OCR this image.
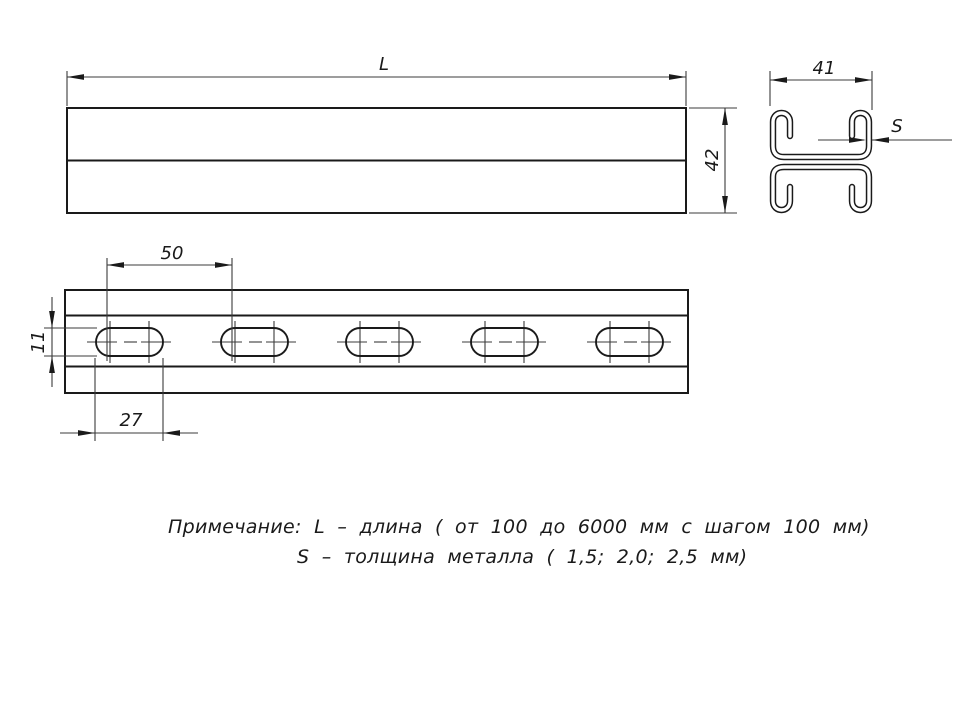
L
42
41
S
50
11
27
Примечание: L – длина ( от 100 до 6000 мм с шагом 100 мм)
S – толщина металла ( 1,5; 2,0; 2,5 мм)
